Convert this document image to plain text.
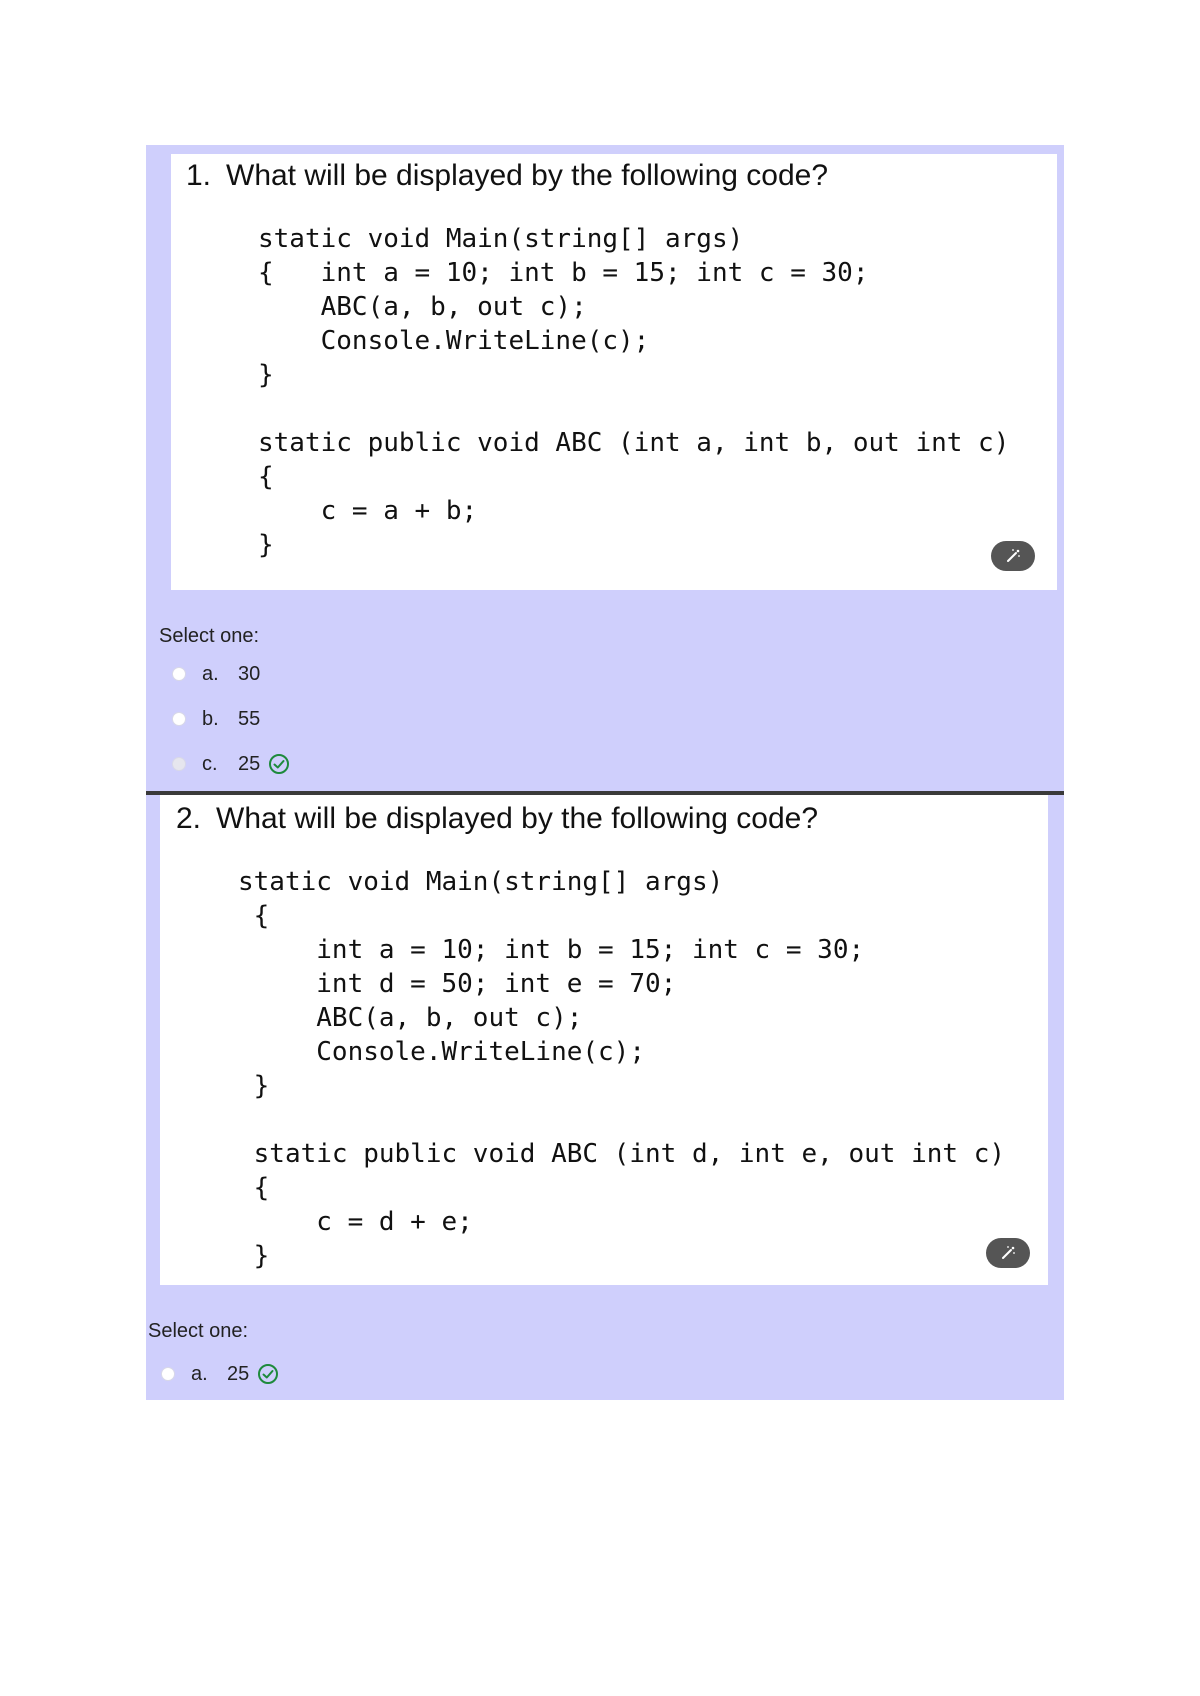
1. What will be displayed by the following code?
static void Main(string[] args)
{   int a = 10; int b = 15; int c = 30;
ABC(a, b, out c);
Console.WriteLine(c);
}

static public void ABC (int a, int b, out int c)
{
c = a + b;
}
Select one:
a. 30
b. 55
c.	25
2. What will be displayed by the following code?
static void Main(string[] args)
{
int a = 10; int b = 15; int c = 30;
int d = 50; int e = 70;
ABC(a, b, out c);
Console.WriteLine(c);
}

static public void ABC (int d, int e, out int c)
{
c = d + e;
}
Select one:
a. 25
